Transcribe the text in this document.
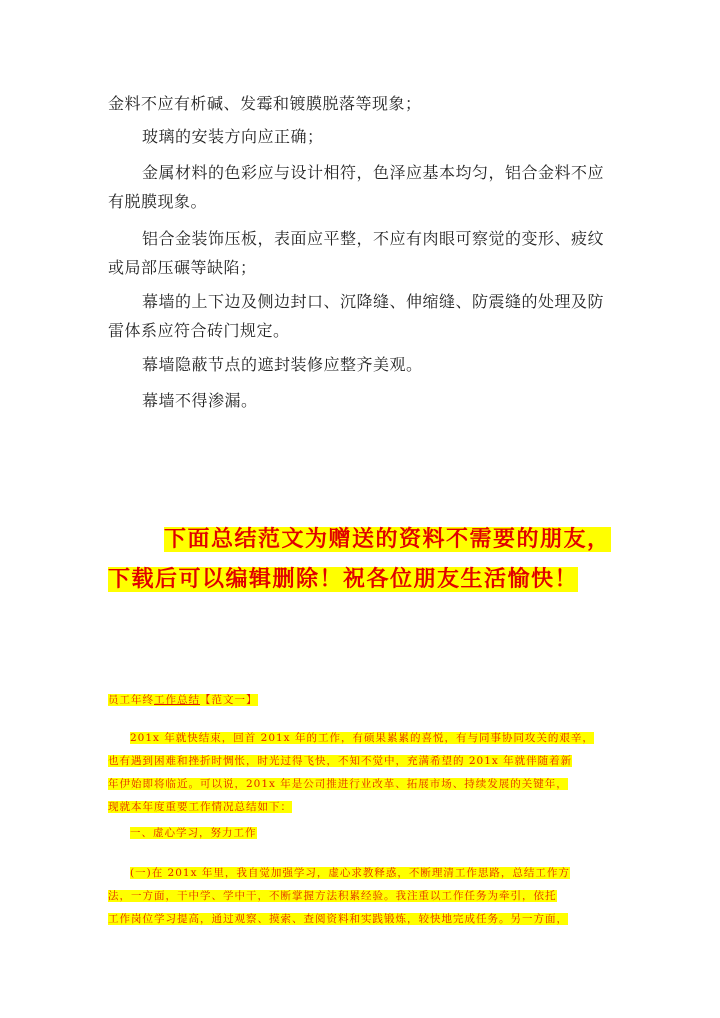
金料不应有析碱、发霉和镀膜脱落等现象；

玻璃的安装方向应正确；

金属材料的色彩应与设计相符，色泽应基本均匀，铝合金料不应

有脱膜现象。

铝合金装饰压板，表面应平整，不应有肉眼可察觉的变形、疲纹

或局部压碾等缺陷；

幕墙的上下边及侧边封口、沉降缝、伸缩缝、防震缝的处理及防

雷体系应符合砖门规定。

幕墙隐蔽节点的遮封装修应整齐美观。

幕墙不得渗漏。

下面总结范文为赠送的资料不需要的朋友，

下载后可以编辑删除！祝各位朋友生活愉快！

员工年终工作总结【范文一】

201x 年就快结束，回首 201x 年的工作，有硕果累累的喜悦，有与同事协同攻关的艰辛，

也有遇到困难和挫折时惆怅，时光过得飞快，不知不觉中，充满希望的 201x 年就伴随着新

年伊始即将临近。可以说，201x 年是公司推进行业改革、拓展市场、持续发展的关键年，

现就本年度重要工作情况总结如下：

一、虚心学习，努力工作

(一)在 201x 年里，我自觉加强学习，虚心求教释惑，不断理清工作思路，总结工作方

法，一方面，干中学、学中干，不断掌握方法积累经验。我注重以工作任务为牵引，依托

工作岗位学习提高，通过观察、摸索、查阅资料和实践锻炼，较快地完成任务。另一方面，
